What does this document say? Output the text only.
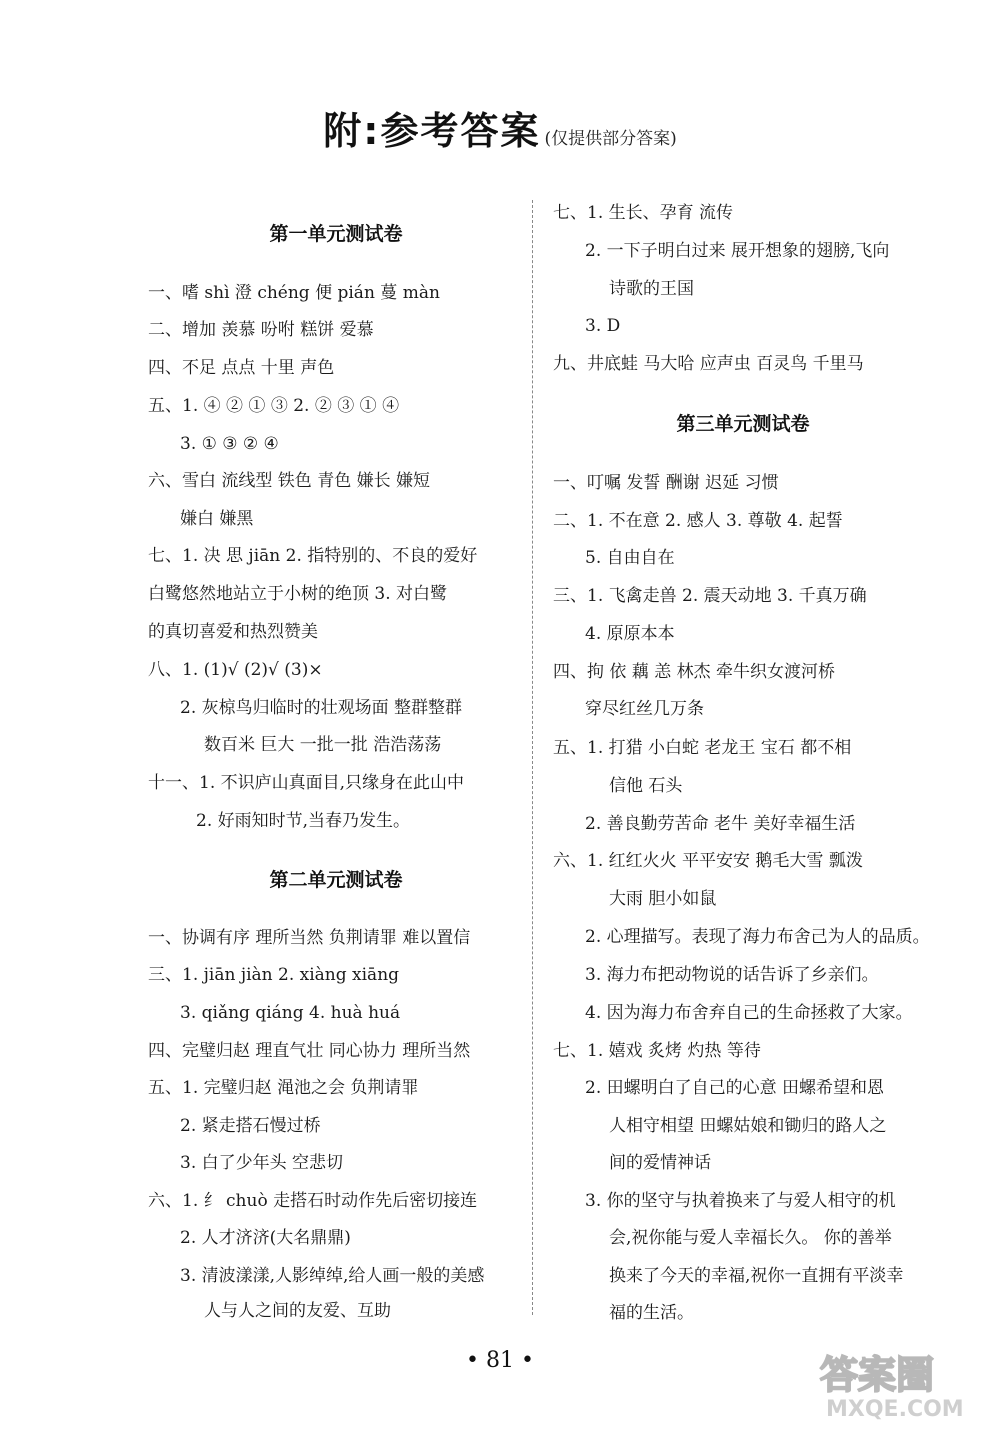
附:参考答案 (仅提供部分答案)
第一单元测试卷
一、嗜 shì 澄 chéng 便 pián 蔓 màn
二、增加 羡慕 吩咐 糕饼 爱慕
四、不足 点点 十里 声色
五、1. ④ ② ① ③ 2. ② ③ ① ④
3. ① ③ ② ④
六、雪白 流线型 铁色 青色 嫌长 嫌短
嫌白 嫌黑
七、1. 决 思 jiān 2. 指特别的、不良的爱好
白鹭悠然地站立于小树的绝顶 3. 对白鹭
的真切喜爱和热烈赞美
八、1. (1)√ (2)√ (3)×
2. 灰椋鸟归临时的壮观场面 整群整群
数百米 巨大 一批一批 浩浩荡荡
十一、1. 不识庐山真面目,只缘身在此山中
2. 好雨知时节,当春乃发生。
第二单元测试卷
一、协调有序 理所当然 负荆请罪 难以置信
三、1. jiān jiàn 2. xiàng xiāng
3. qiǎng qiáng 4. huà huá
四、完璧归赵 理直气壮 同心协力 理所当然
五、1. 完璧归赵 渑池之会 负荆请罪
2. 紧走搭石慢过桥
3. 白了少年头 空悲切
六、1. 纟 chuò 走搭石时动作先后密切接连
2. 人才济济(大名鼎鼎)
3. 清波漾漾,人影绰绰,给人画一般的美感
人与人之间的友爱、互助
七、1. 生长、孕育 流传
2. 一下子明白过来 展开想象的翅膀,飞向
诗歌的王国
3. D
九、井底蛙 马大哈 应声虫 百灵鸟 千里马
第三单元测试卷
一、叮嘱 发誓 酬谢 迟延 习惯
二、1. 不在意 2. 感人 3. 尊敬 4. 起誓
5. 自由自在
三、1. 飞禽走兽 2. 震天动地 3. 千真万确
4. 原原本本
四、拘 依 藕 恙 林杰 牵牛织女渡河桥
穿尽红丝几万条
五、1. 打猎 小白蛇 老龙王 宝石 都不相
信他 石头
2. 善良勤劳苦命 老牛 美好幸福生活
六、1. 红红火火 平平安安 鹅毛大雪 瓢泼
大雨 胆小如鼠
2. 心理描写。表现了海力布舍己为人的品质。
3. 海力布把动物说的话告诉了乡亲们。
4. 因为海力布舍弃自己的生命拯救了大家。
七、1. 嬉戏 炙烤 灼热 等待
2. 田螺明白了自己的心意 田螺希望和恩
人相守相望 田螺姑娘和锄归的路人之
间的爱情神话
3. 你的坚守与执着换来了与爱人相守的机
会,祝你能与爱人幸福长久。 你的善举
换来了今天的幸福,祝你一直拥有平淡幸
福的生活。
• 81 •	答案圈
MXQE.COM
